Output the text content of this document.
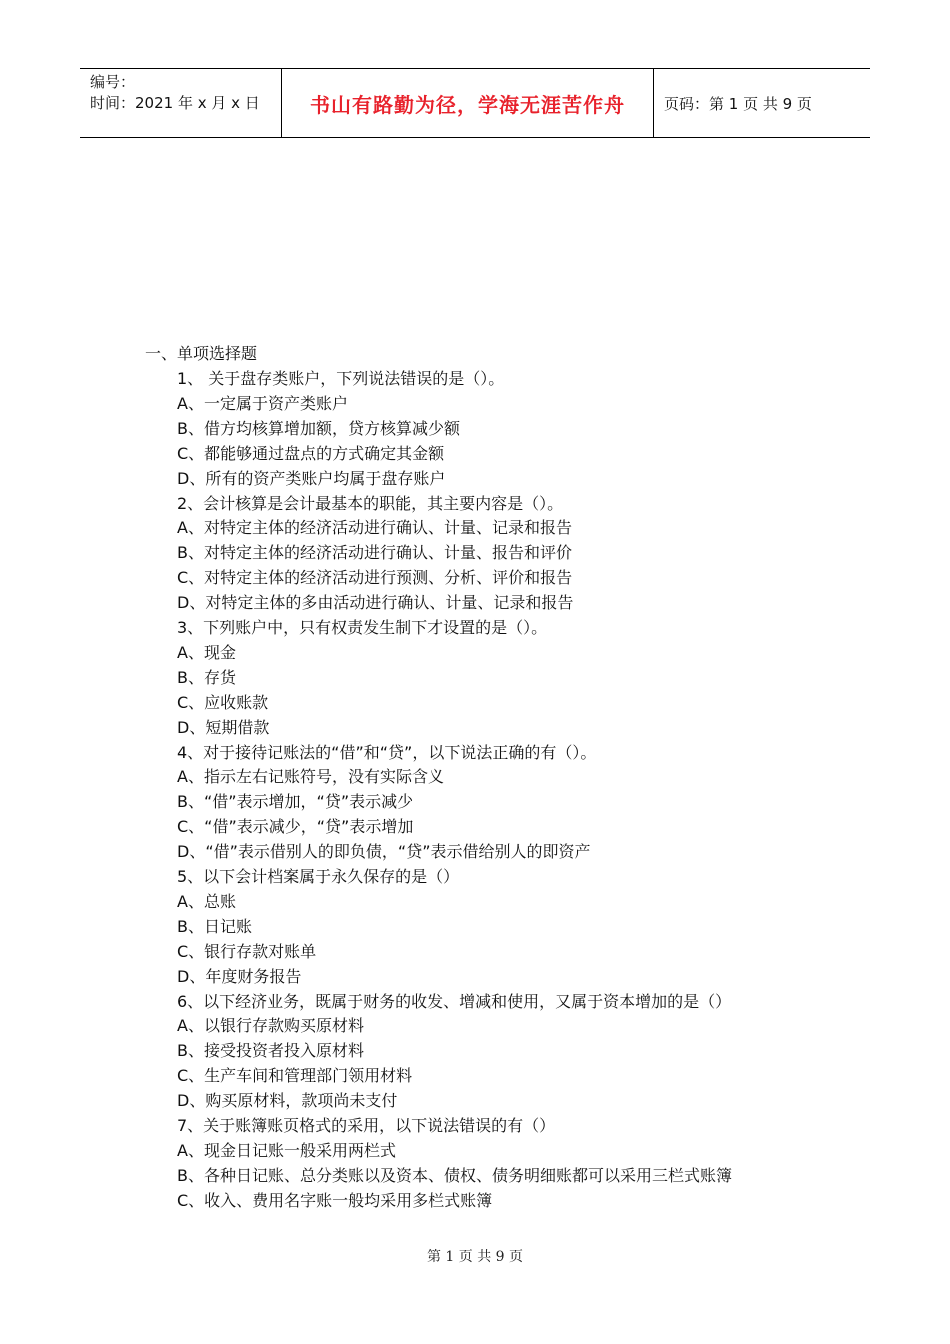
编号：
时间：2021 年 x 月 x 日	书山有路勤为径，学海无涯苦作舟	页码：第 1 页 共 9 页
一、单项选择题
1、 关于盘存类账户，下列说法错误的是（）。
A、一定属于资产类账户
B、借方均核算增加额，贷方核算减少额
C、都能够通过盘点的方式确定其金额
D、所有的资产类账户均属于盘存账户
2、会计核算是会计最基本的职能，其主要内容是（）。
A、对特定主体的经济活动进行确认、计量、记录和报告
B、对特定主体的经济活动进行确认、计量、报告和评价
C、对特定主体的经济活动进行预测、分析、评价和报告
D、对特定主体的多由活动进行确认、计量、记录和报告
3、下列账户中，只有权责发生制下才设置的是（）。
A、现金
B、存货
C、应收账款
D、短期借款
4、对于接待记账法的“借”和“贷”，以下说法正确的有（）。
A、指示左右记账符号，没有实际含义
B、“借”表示增加，“贷”表示减少
C、“借”表示减少，“贷”表示增加
D、“借”表示借别人的即负债，“贷”表示借给别人的即资产
5、以下会计档案属于永久保存的是（）
A、总账
B、日记账
C、银行存款对账单
D、年度财务报告
6、以下经济业务，既属于财务的收发、增减和使用，又属于资本增加的是（）
A、以银行存款购买原材料
B、接受投资者投入原材料
C、生产车间和管理部门领用材料
D、购买原材料，款项尚未支付
7、关于账簿账页格式的采用，以下说法错误的有（）
A、现金日记账一般采用两栏式
B、各种日记账、总分类账以及资本、债权、债务明细账都可以采用三栏式账簿
C、收入、费用名字账一般均采用多栏式账簿
第 1 页 共 9 页
